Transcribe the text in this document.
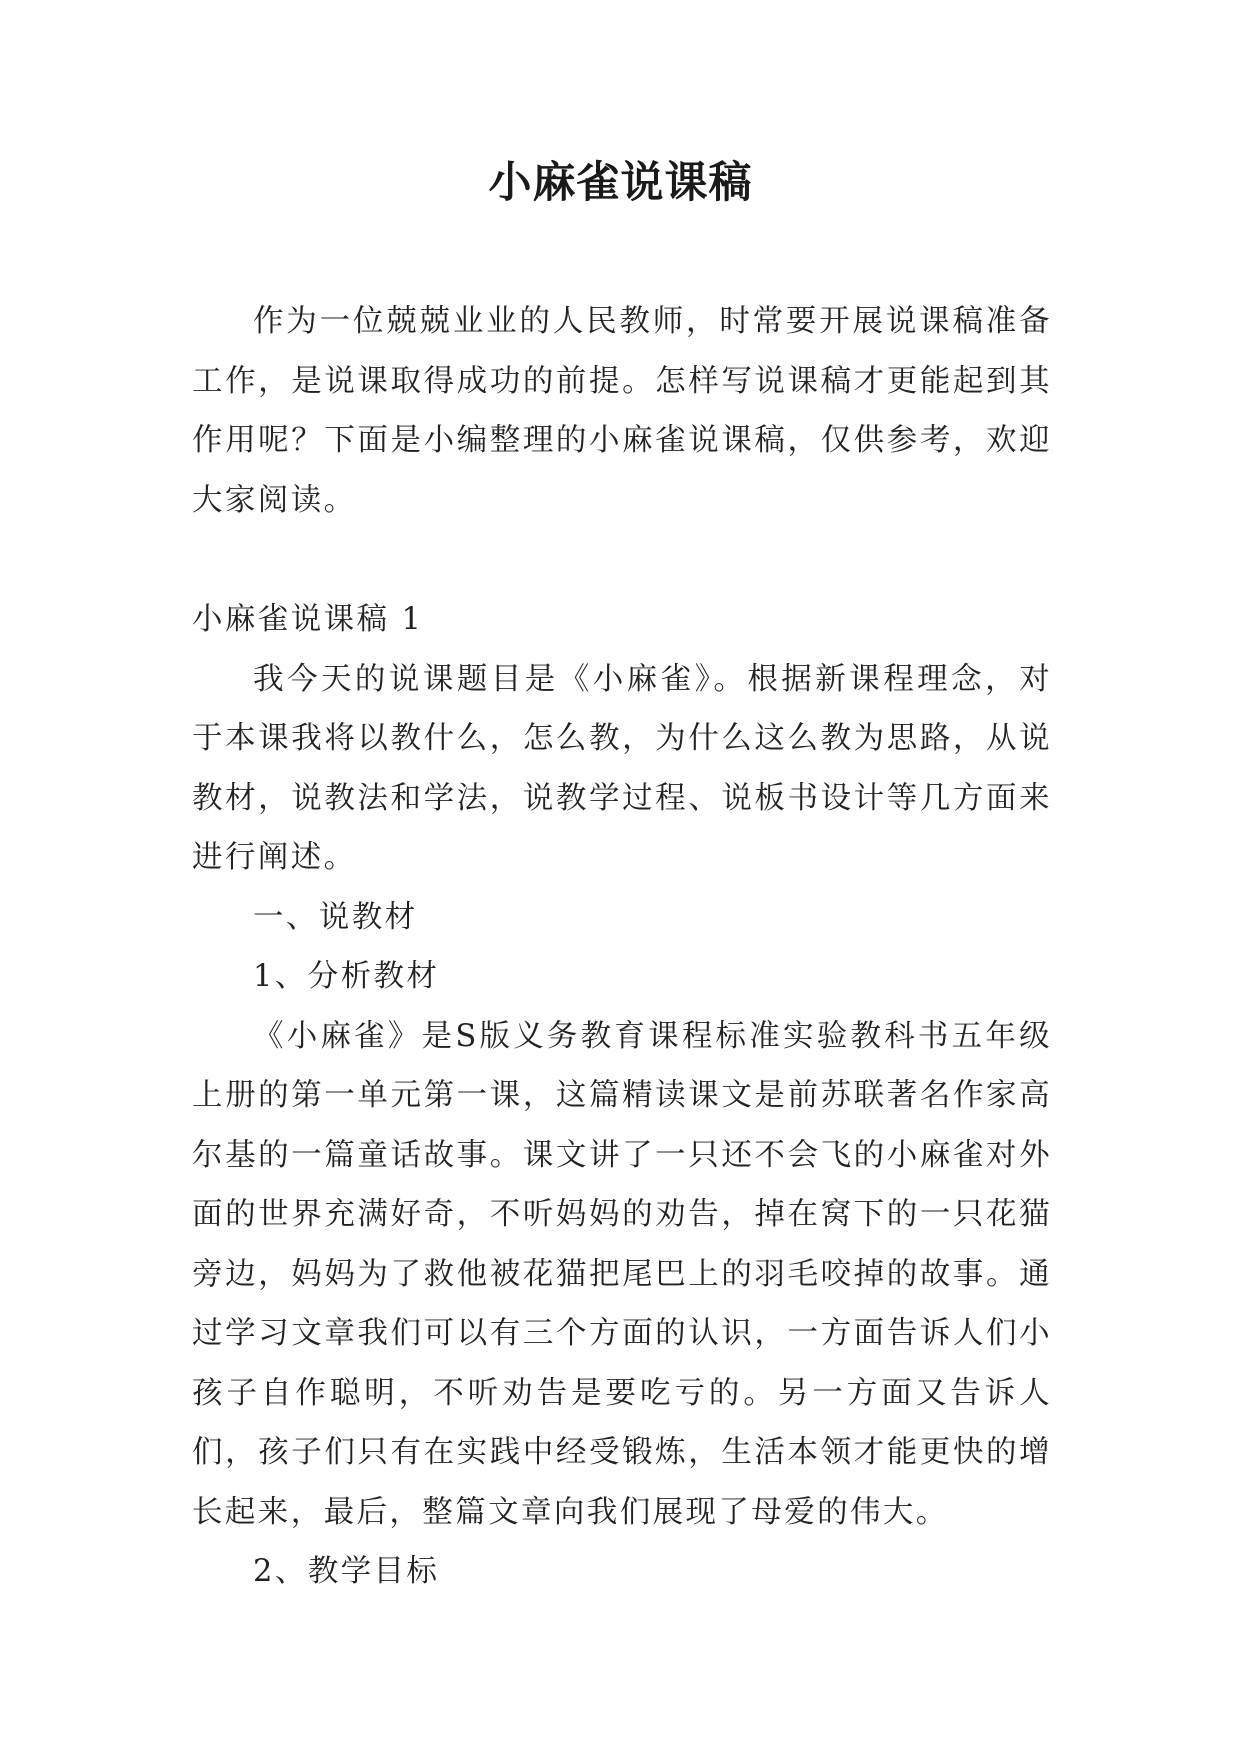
小麻雀说课稿

作为一位兢兢业业的人民教师，时常要开展说课稿准备工作，是说课取得成功的前提。怎样写说课稿才更能起到其作用呢？下面是小编整理的小麻雀说课稿，仅供参考，欢迎大家阅读。

小麻雀说课稿 1

我今天的说课题目是《小麻雀》。根据新课程理念，对于本课我将以教什么，怎么教，为什么这么教为思路，从说教材，说教法和学法，说教学过程、说板书设计等几方面来进行阐述。

一、说教材

1、分析教材

《小麻雀》是S版义务教育课程标准实验教科书五年级上册的第一单元第一课，这篇精读课文是前苏联著名作家高尔基的一篇童话故事。课文讲了一只还不会飞的小麻雀对外面的世界充满好奇，不听妈妈的劝告，掉在窝下的一只花猫旁边，妈妈为了救他被花猫把尾巴上的羽毛咬掉的故事。通过学习文章我们可以有三个方面的认识，一方面告诉人们小孩子自作聪明，不听劝告是要吃亏的。另一方面又告诉人们，孩子们只有在实践中经受锻炼，生活本领才能更快的增长起来，最后，整篇文章向我们展现了母爱的伟大。

2、教学目标
